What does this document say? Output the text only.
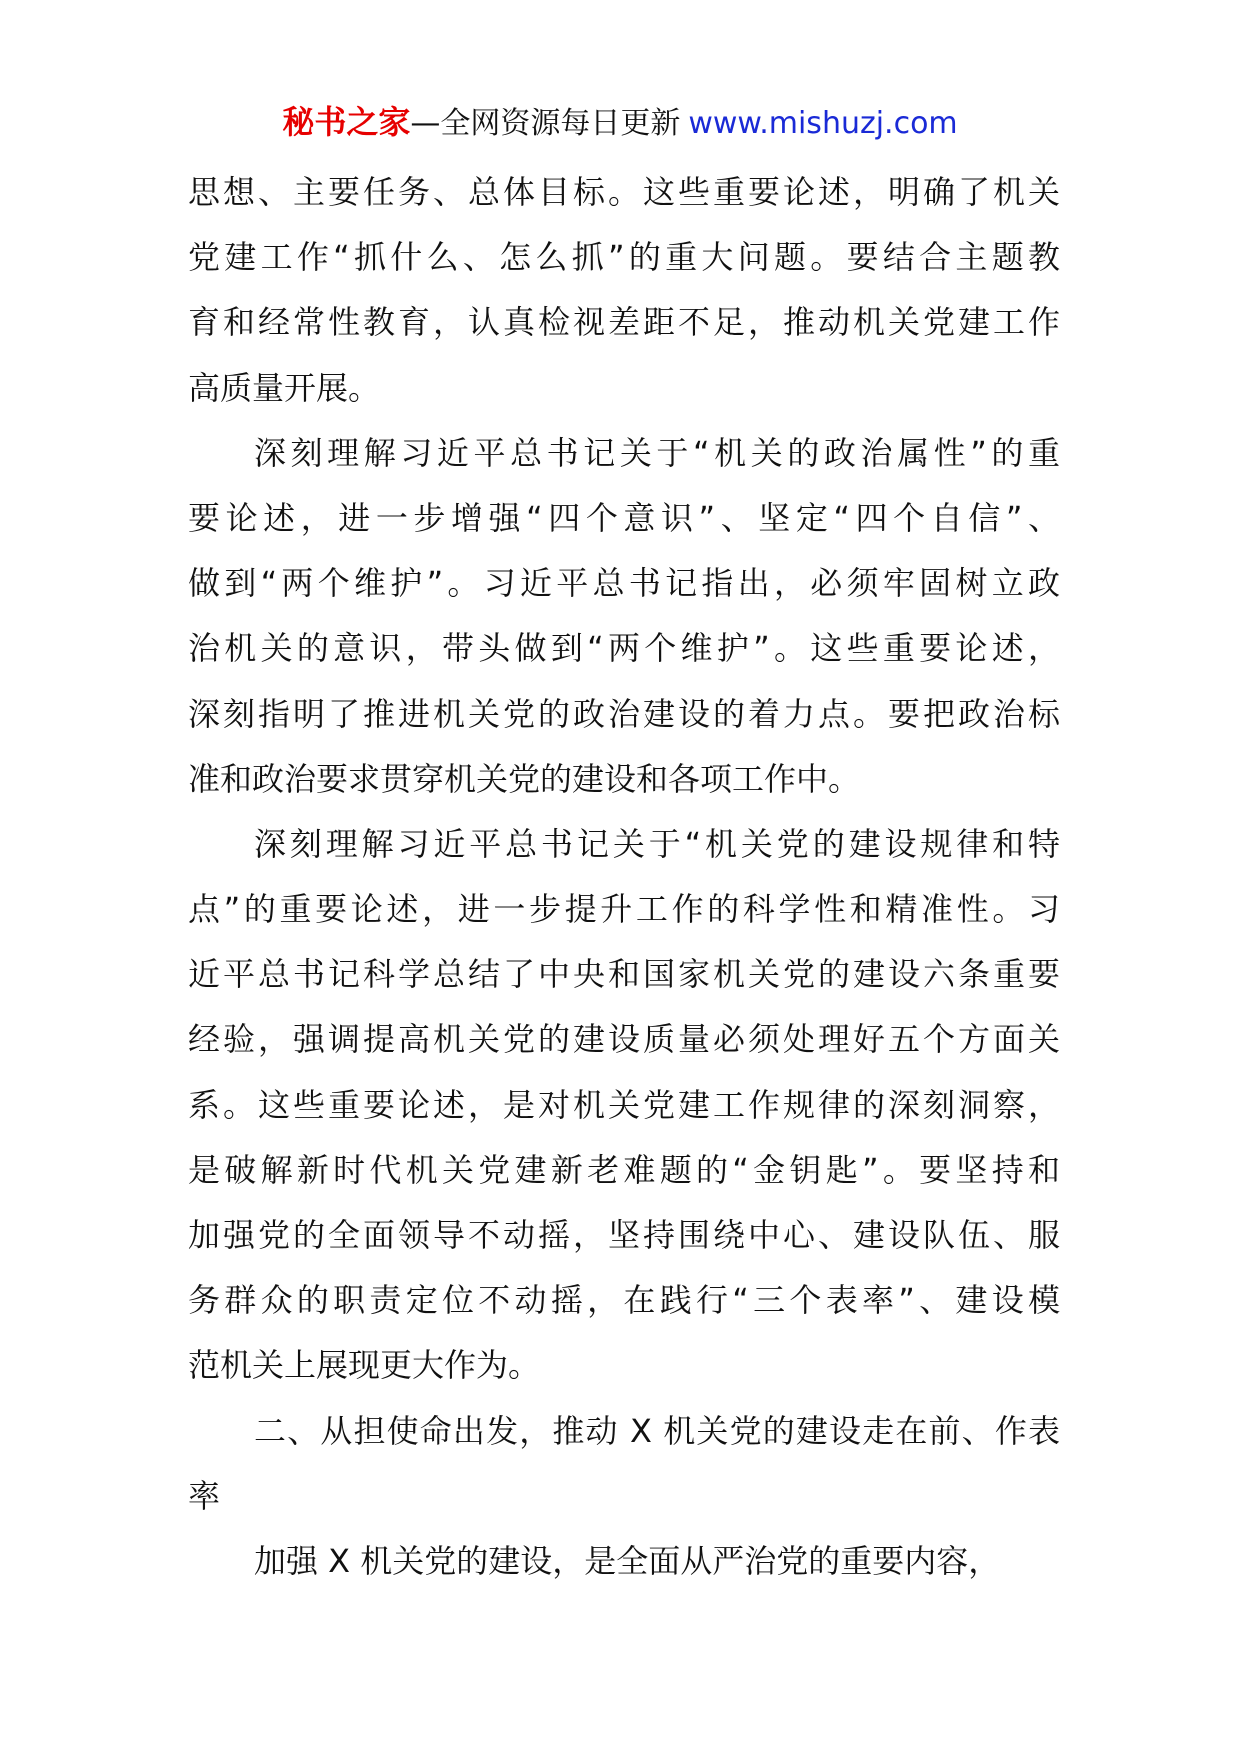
秘书之家—全网资源每日更新 www.mishuzj.com
思想、主要任务、总体目标。这些重要论述，明确了机关
党建工作“抓什么、怎么抓”的重大问题。要结合主题教
育和经常性教育，认真检视差距不足，推动机关党建工作
高质量开展。
深刻理解习近平总书记关于“机关的政治属性”的重
要论述，进一步增强“四个意识”、坚定“四个自信”、
做到“两个维护”。习近平总书记指出，必须牢固树立政
治机关的意识，带头做到“两个维护”。这些重要论述，
深刻指明了推进机关党的政治建设的着力点。要把政治标
准和政治要求贯穿机关党的建设和各项工作中。
深刻理解习近平总书记关于“机关党的建设规律和特
点”的重要论述，进一步提升工作的科学性和精准性。习
近平总书记科学总结了中央和国家机关党的建设六条重要
经验，强调提高机关党的建设质量必须处理好五个方面关
系。这些重要论述，是对机关党建工作规律的深刻洞察，
是破解新时代机关党建新老难题的“金钥匙”。要坚持和
加强党的全面领导不动摇，坚持围绕中心、建设队伍、服
务群众的职责定位不动摇，在践行“三个表率”、建设模
范机关上展现更大作为。
二、从担使命出发，推动 X 机关党的建设走在前、作表
率
加强 X 机关党的建设，是全面从严治党的重要内容，
